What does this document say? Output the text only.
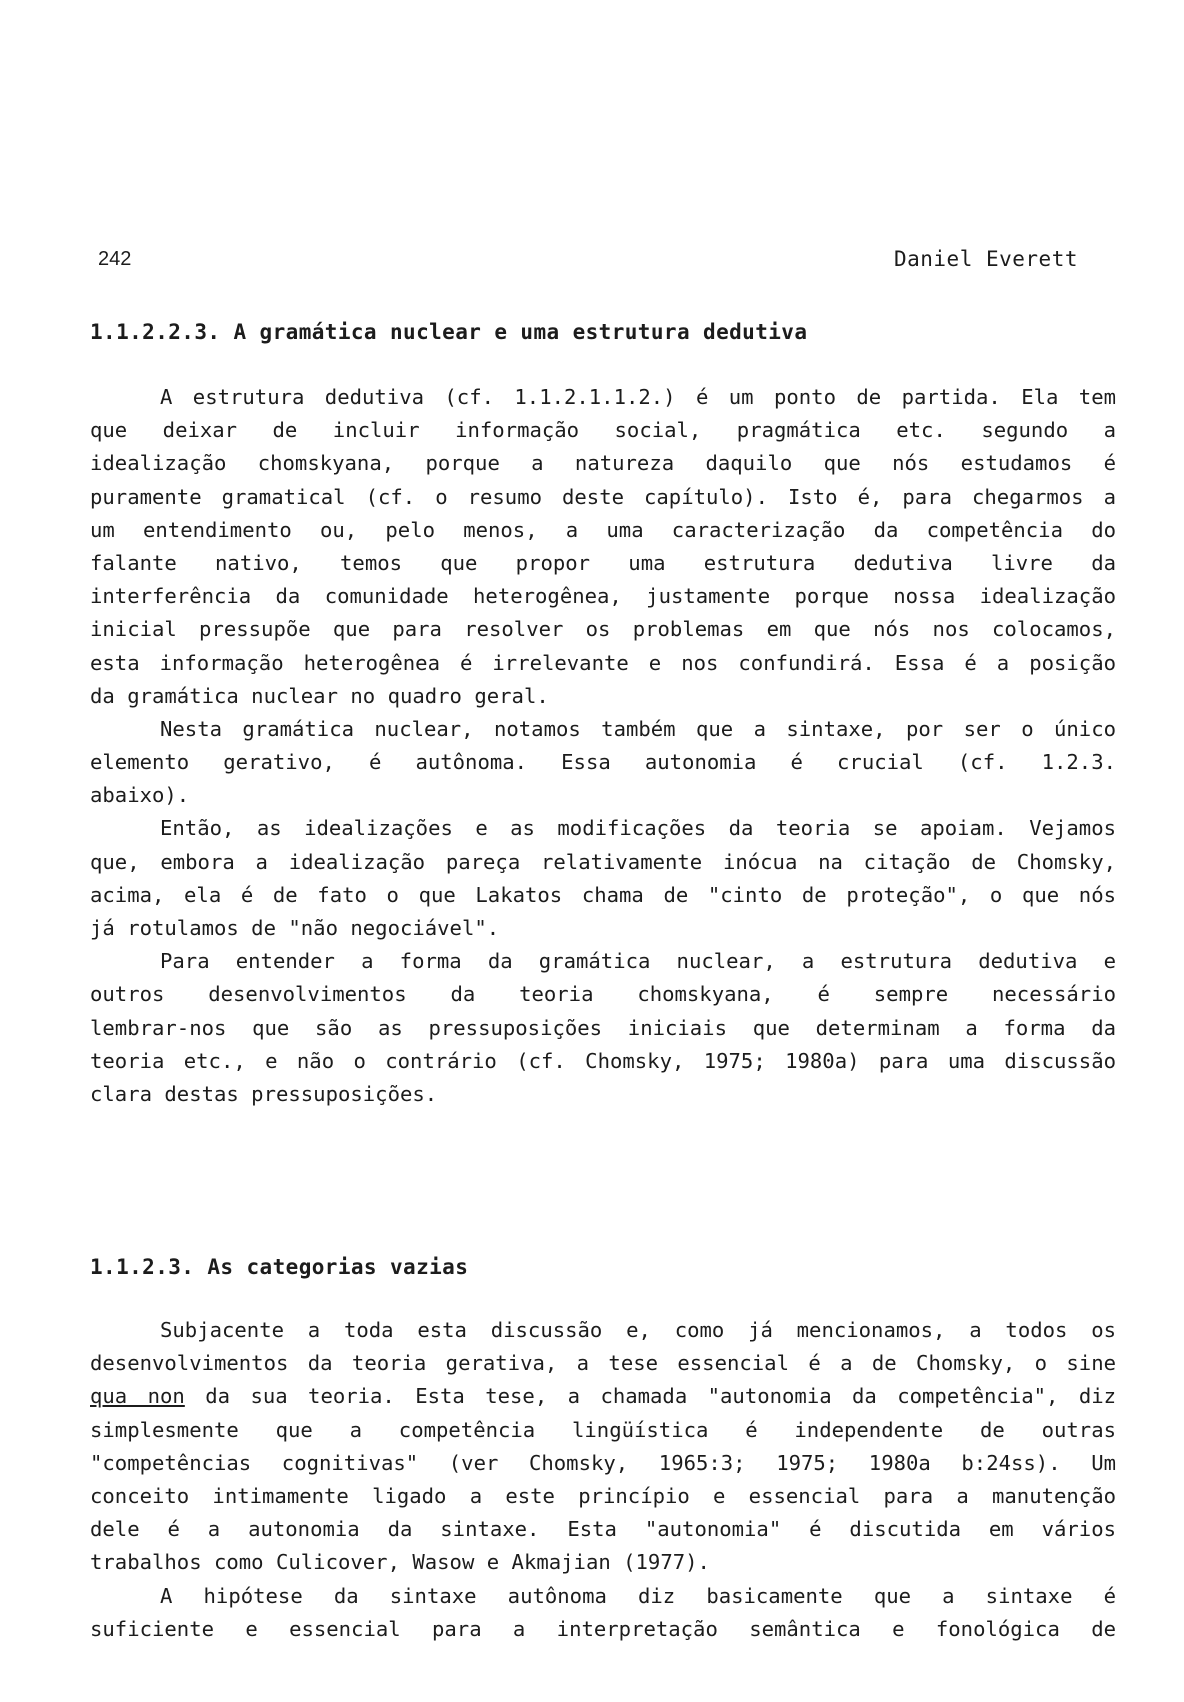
242	Daniel Everett
1.1.2.2.3. A gramática nuclear e uma estrutura dedutiva
A estrutura dedutiva (cf. 1.1.2.1.1.2.) é um ponto de partida. Ela tem
que deixar de incluir informação social, pragmática etc. segundo a
idealização chomskyana, porque a natureza daquilo que nós estudamos é
puramente gramatical (cf. o resumo deste capítulo). Isto é, para chegarmos a
um entendimento ou, pelo menos, a uma caracterização da competência do
falante nativo, temos que propor uma estrutura dedutiva livre da
interferência da comunidade heterogênea, justamente porque nossa idealização
inicial pressupõe que para resolver os problemas em que nós nos colocamos,
esta informação heterogênea é irrelevante e nos confundirá. Essa é a posição
da gramática nuclear no quadro geral.
Nesta gramática nuclear, notamos também que a sintaxe, por ser o único
elemento gerativo, é autônoma. Essa autonomia é crucial (cf. 1.2.3.
abaixo).
Então, as idealizações e as modificações da teoria se apoiam. Vejamos
que, embora a idealização pareça relativamente inócua na citação de Chomsky,
acima, ela é de fato o que Lakatos chama de "cinto de proteção", o que nós
já rotulamos de "não negociável".
Para entender a forma da gramática nuclear, a estrutura dedutiva e
outros desenvolvimentos da teoria chomskyana, é sempre necessário
lembrar-nos que são as pressuposições iniciais que determinam a forma da
teoria etc., e não o contrário (cf. Chomsky, 1975; 1980a) para uma discussão
clara destas pressuposições.
1.1.2.3. As categorias vazias
Subjacente a toda esta discussão e, como já mencionamos, a todos os
desenvolvimentos da teoria gerativa, a tese essencial é a de Chomsky, o sine
qua non da sua teoria. Esta tese, a chamada "autonomia da competência", diz
simplesmente que a competência lingüística é independente de outras
"competências cognitivas" (ver Chomsky, 1965:3; 1975; 1980a b:24ss). Um
conceito intimamente ligado a este princípio e essencial para a manutenção
dele é a autonomia da sintaxe. Esta "autonomia" é discutida em vários
trabalhos como Culicover, Wasow e Akmajian (1977).
A hipótese da sintaxe autônoma diz basicamente que a sintaxe é
suficiente e essencial para a interpretação semântica e fonológica de
